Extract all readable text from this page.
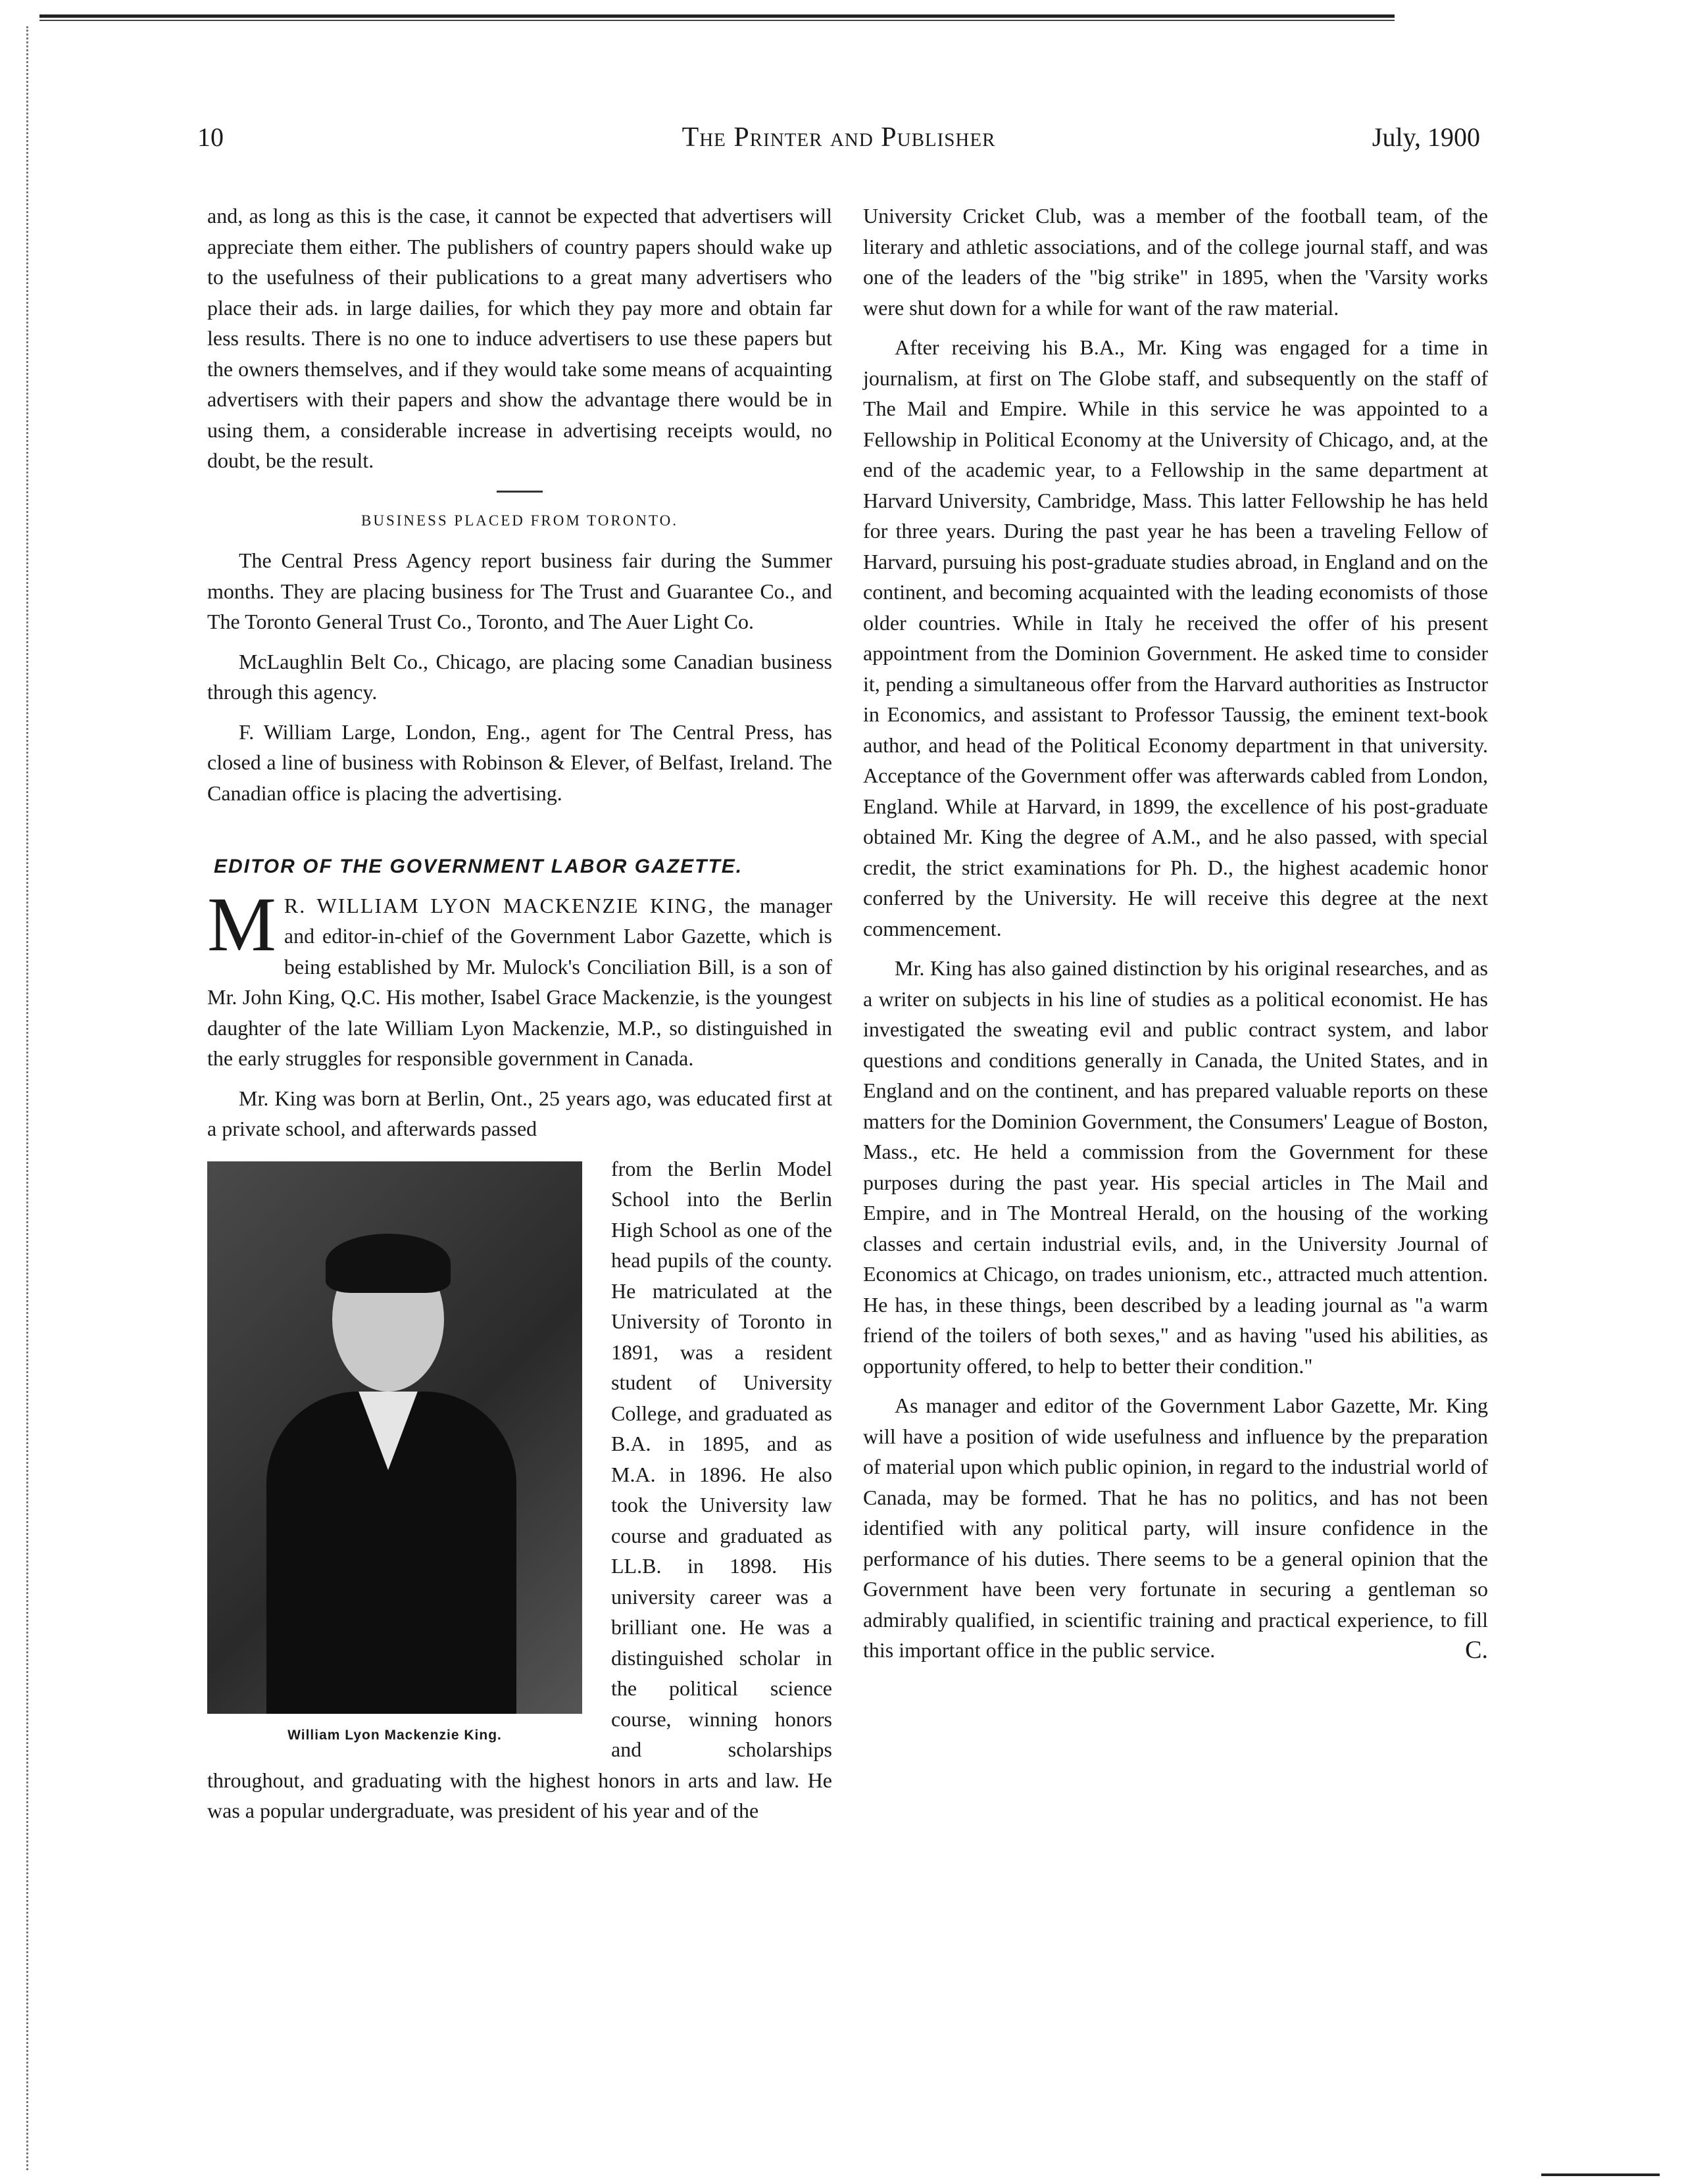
10	The Printer and Publisher	July, 1900

and, as long as this is the case, it cannot be expected that advertisers will appreciate them either. The publishers of country papers should wake up to the usefulness of their publications to a great many advertisers who place their ads. in large dailies, for which they pay more and obtain far less results. There is no one to induce advertisers to use these papers but the owners themselves, and if they would take some means of acquainting advertisers with their papers and show the advantage there would be in using them, a considerable increase in advertising receipts would, no doubt, be the result.

BUSINESS PLACED FROM TORONTO.

The Central Press Agency report business fair during the Summer months. They are placing business for The Trust and Guarantee Co., and The Toronto General Trust Co., Toronto, and The Auer Light Co.

McLaughlin Belt Co., Chicago, are placing some Canadian business through this agency.

F. William Large, London, Eng., agent for The Central Press, has closed a line of business with Robinson & Elever, of Belfast, Ireland. The Canadian office is placing the advertising.

EDITOR OF THE GOVERNMENT LABOR GAZETTE.

MR. WILLIAM LYON MACKENZIE KING, the manager and editor-in-chief of the Government Labor Gazette, which is being established by Mr. Mulock's Conciliation Bill, is a son of Mr. John King, Q.C. His mother, Isabel Grace Mackenzie, is the youngest daughter of the late William Lyon Mackenzie, M.P., so distinguished in the early struggles for responsible government in Canada.

Mr. King was born at Berlin, Ont., 25 years ago, was educated first at a private school, and afterwards passed

William Lyon Mackenzie King.

from the Berlin Model School into the Berlin High School as one of the head pupils of the county. He matriculated at the University of Toronto in 1891, was a resident student of University College, and graduated as B.A. in 1895, and as M.A. in 1896. He also took the University law course and graduated as LL.B. in 1898. His university career was a brilliant one. He was a distinguished scholar in the political science course, winning honors and scholarships throughout, and graduating with the highest honors in arts and law. He was a popular undergraduate, was president of his year and of the

University Cricket Club, was a member of the football team, of the literary and athletic associations, and of the college journal staff, and was one of the leaders of the "big strike" in 1895, when the 'Varsity works were shut down for a while for want of the raw material.

After receiving his B.A., Mr. King was engaged for a time in journalism, at first on The Globe staff, and subsequently on the staff of The Mail and Empire. While in this service he was appointed to a Fellowship in Political Economy at the University of Chicago, and, at the end of the academic year, to a Fellowship in the same department at Harvard University, Cambridge, Mass. This latter Fellowship he has held for three years. During the past year he has been a traveling Fellow of Harvard, pursuing his post-graduate studies abroad, in England and on the continent, and becoming acquainted with the leading economists of those older countries. While in Italy he received the offer of his present appointment from the Dominion Government. He asked time to consider it, pending a simultaneous offer from the Harvard authorities as Instructor in Economics, and assistant to Professor Taussig, the eminent text-book author, and head of the Political Economy department in that university. Acceptance of the Government offer was afterwards cabled from London, England. While at Harvard, in 1899, the excellence of his post-graduate obtained Mr. King the degree of A.M., and he also passed, with special credit, the strict examinations for Ph. D., the highest academic honor conferred by the University. He will receive this degree at the next commencement.

Mr. King has also gained distinction by his original researches, and as a writer on subjects in his line of studies as a political economist. He has investigated the sweating evil and public contract system, and labor questions and conditions generally in Canada, the United States, and in England and on the continent, and has prepared valuable reports on these matters for the Dominion Government, the Consumers' League of Boston, Mass., etc. He held a commission from the Government for these purposes during the past year. His special articles in The Mail and Empire, and in The Montreal Herald, on the housing of the working classes and certain industrial evils, and, in the University Journal of Economics at Chicago, on trades unionism, etc., attracted much attention. He has, in these things, been described by a leading journal as "a warm friend of the toilers of both sexes," and as having "used his abilities, as opportunity offered, to help to better their condition."

As manager and editor of the Government Labor Gazette, Mr. King will have a position of wide usefulness and influence by the preparation of material upon which public opinion, in regard to the industrial world of Canada, may be formed. That he has no politics, and has not been identified with any political party, will insure confidence in the performance of his duties. There seems to be a general opinion that the Government have been very fortunate in securing a gentleman so admirably qualified, in scientific training and practical experience, to fill this important office in the public service.	C.
